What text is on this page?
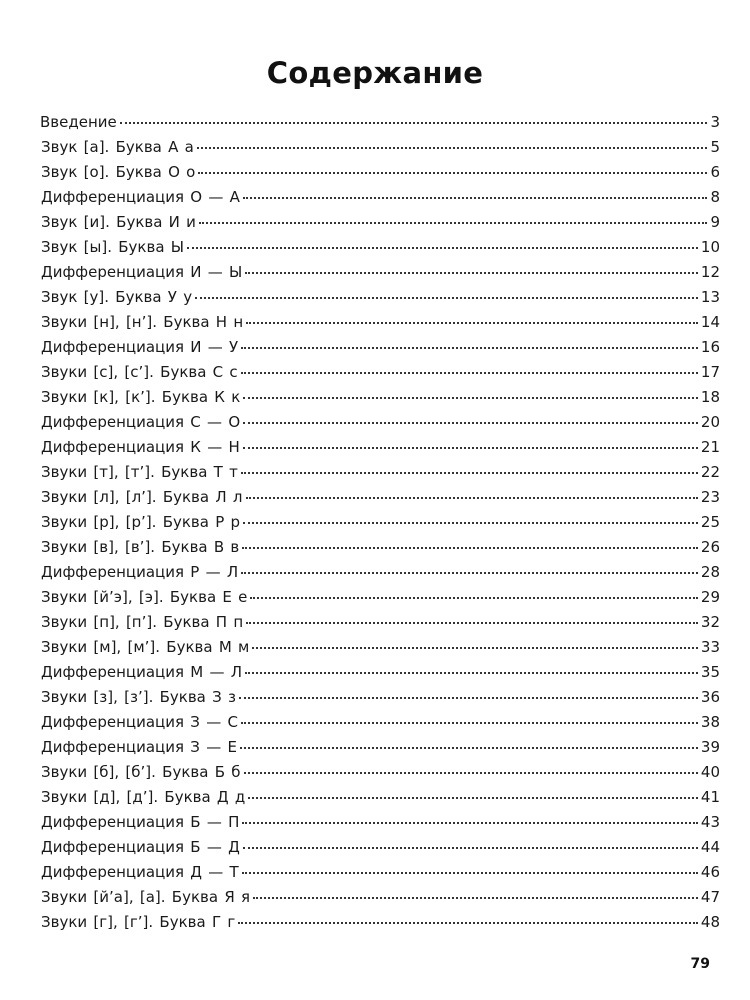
Содержание
Введение	3
Звук [а]. Буква А а	5
Звук [о]. Буква О о	6
Дифференциация О — А	8
Звук [и]. Буква И и	9
Звук [ы]. Буква Ы	10
Дифференциация И — Ы	12
Звук [у]. Буква У у	13
Звуки [н], [н’]. Буква Н н	14
Дифференциация И — У	16
Звуки [с], [с’]. Буква С с	17
Звуки [к], [к’]. Буква К к	18
Дифференциация С — О	20
Дифференциация К — Н	21
Звуки [т], [т’]. Буква Т т	22
Звуки [л], [л’]. Буква Л л	23
Звуки [р], [р’]. Буква Р р	25
Звуки [в], [в’]. Буква В в	26
Дифференциация Р — Л	28
Звуки [й’э], [э]. Буква Е е	29
Звуки [п], [п’]. Буква П п	32
Звуки [м], [м’]. Буква М м	33
Дифференциация М — Л	35
Звуки [з], [з’]. Буква З з	36
Дифференциация З — С	38
Дифференциация З — Е	39
Звуки [б], [б’]. Буква Б б	40
Звуки [д], [д’]. Буква Д д	41
Дифференциация Б — П	43
Дифференциация Б — Д	44
Дифференциация Д — Т	46
Звуки [й’а], [а]. Буква Я я	47
Звуки [г], [г’]. Буква Г г	48
79
